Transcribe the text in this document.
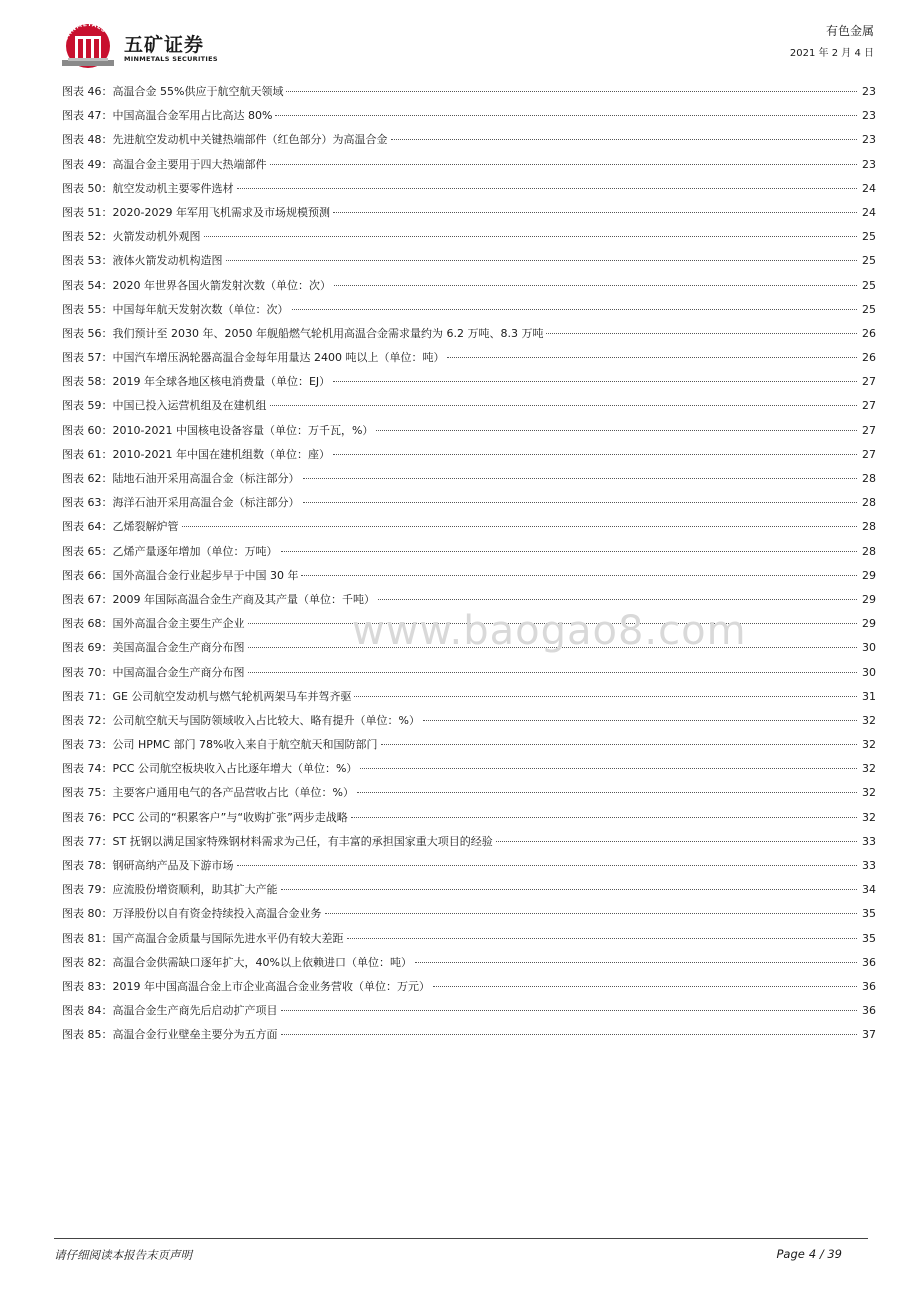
MINMETALS
五矿证券
MINMETALS SECURITIES
有色金属
2021 年 2 月 4 日
图表 46：高温合金 55%供应于航空航天领域	23
图表 47：中国高温合金军用占比高达 80%	23
图表 48：先进航空发动机中关键热端部件（红色部分）为高温合金	23
图表 49：高温合金主要用于四大热端部件	23
图表 50：航空发动机主要零件选材	24
图表 51：2020-2029 年军用飞机需求及市场规模预测	24
图表 52：火箭发动机外观图	25
图表 53：液体火箭发动机构造图	25
图表 54：2020 年世界各国火箭发射次数（单位：次）	25
图表 55：中国每年航天发射次数（单位：次）	25
图表 56：我们预计至 2030 年、2050 年舰船燃气轮机用高温合金需求量约为 6.2 万吨、8.3 万吨	26
图表 57：中国汽车增压涡轮器高温合金每年用量达 2400 吨以上（单位：吨）	26
图表 58：2019 年全球各地区核电消费量（单位：EJ）	27
图表 59：中国已投入运营机组及在建机组	27
图表 60：2010-2021 中国核电设备容量（单位：万千瓦，%）	27
图表 61：2010-2021 年中国在建机组数（单位：座）	27
图表 62：陆地石油开采用高温合金（标注部分）	28
图表 63：海洋石油开采用高温合金（标注部分）	28
图表 64：乙烯裂解炉管	28
图表 65：乙烯产量逐年增加（单位：万吨）	28
图表 66：国外高温合金行业起步早于中国 30 年	29
图表 67：2009 年国际高温合金生产商及其产量（单位：千吨）	29
图表 68：国外高温合金主要生产企业	29
图表 69：美国高温合金生产商分布图	30
图表 70：中国高温合金生产商分布图	30
图表 71：GE 公司航空发动机与燃气轮机两架马车并驾齐驱	31
图表 72：公司航空航天与国防领域收入占比较大、略有提升（单位：%）	32
图表 73：公司 HPMC 部门 78%收入来自于航空航天和国防部门	32
图表 74：PCC 公司航空板块收入占比逐年增大（单位：%）	32
图表 75：主要客户通用电气的各产品营收占比（单位：%）	32
图表 76：PCC 公司的“积累客户”与“收购扩张”两步走战略	32
图表 77：ST 抚钢以满足国家特殊钢材料需求为己任，有丰富的承担国家重大项目的经验	33
图表 78：钢研高纳产品及下游市场	33
图表 79：应流股份增资顺利，助其扩大产能	34
图表 80：万泽股份以自有资金持续投入高温合金业务	35
图表 81：国产高温合金质量与国际先进水平仍有较大差距	35
图表 82：高温合金供需缺口逐年扩大，40%以上依赖进口（单位：吨）	36
图表 83：2019 年中国高温合金上市企业高温合金业务营收（单位：万元）	36
图表 84：高温合金生产商先后启动扩产项目	36
图表 85：高温合金行业壁垒主要分为五方面	37
www.baogao8.com
请仔细阅读本报告末页声明	Page 4 / 39
